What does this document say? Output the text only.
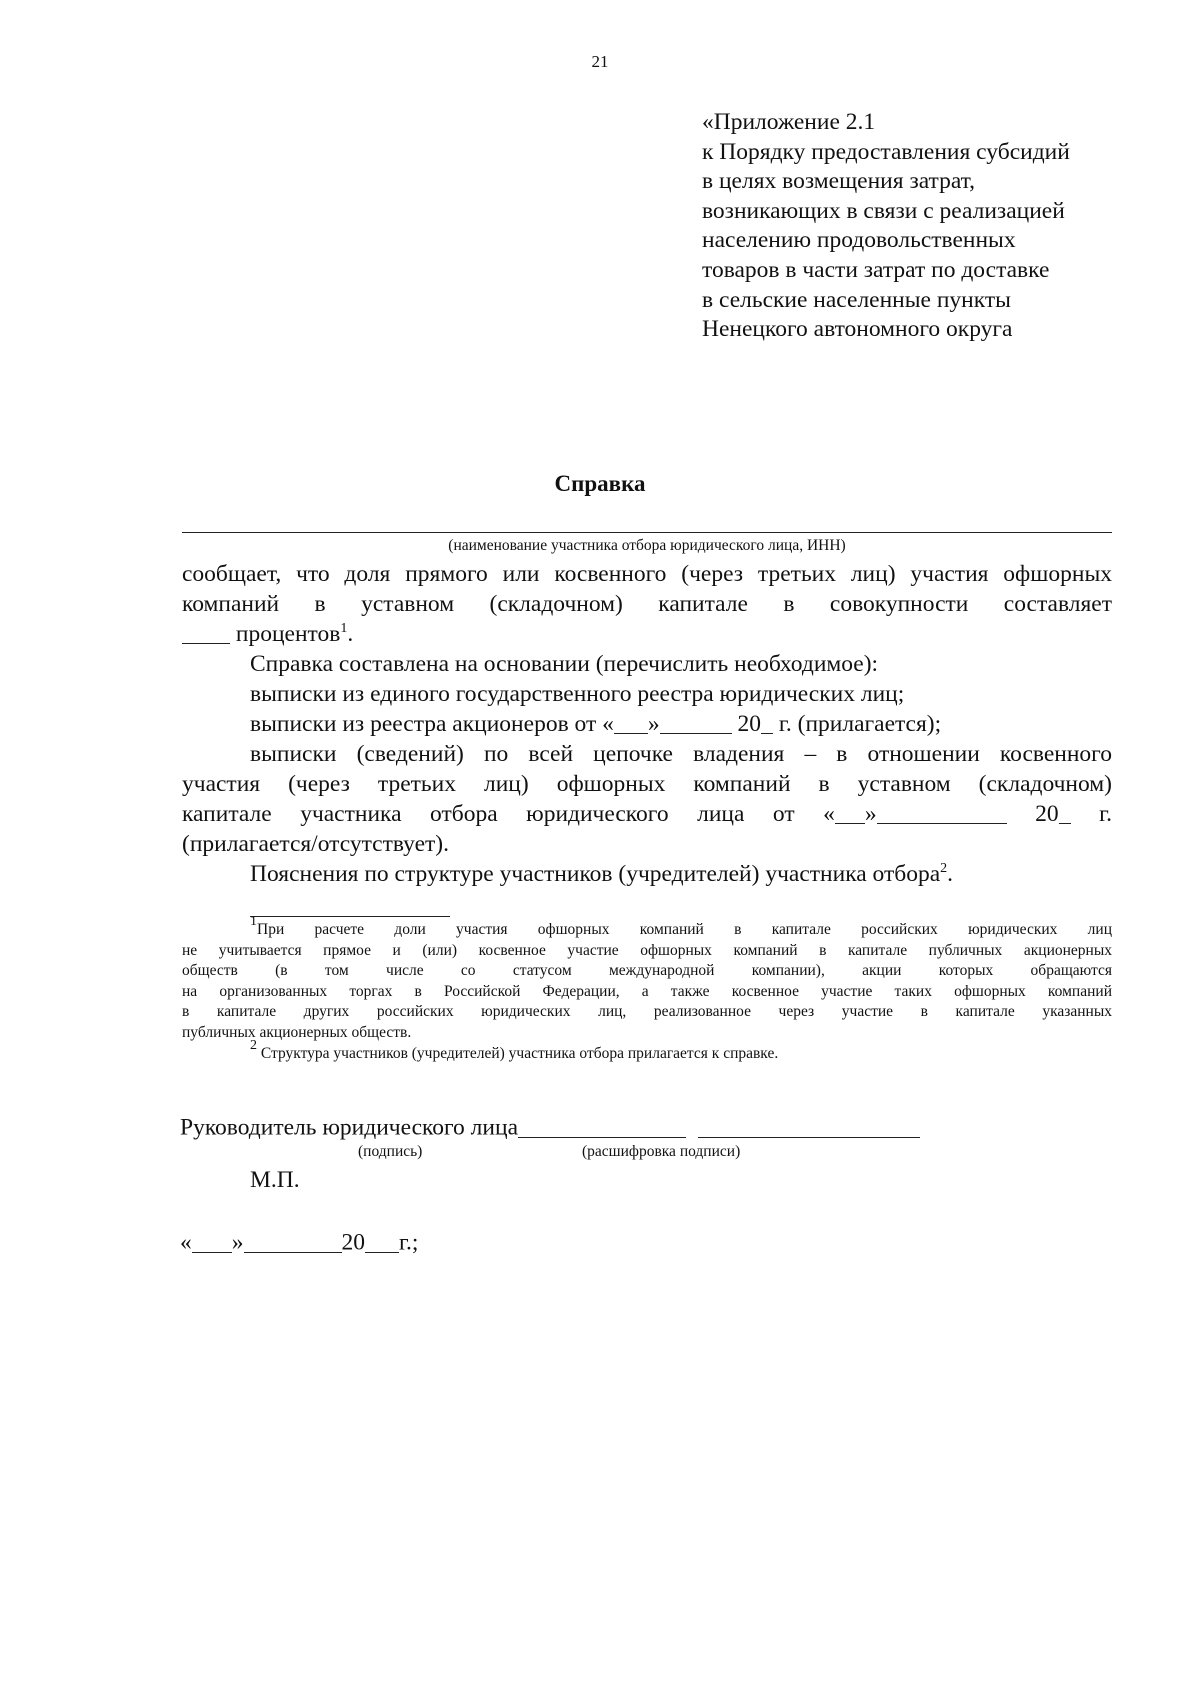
21
«Приложение 2.1
к Порядку предоставления субсидий
в целях возмещения затрат,
возникающих в связи с реализацией
населению продовольственных
товаров в части затрат по доставке
в сельские населенные пункты
Ненецкого автономного округа
Справка
(наименование участника отбора юридического лица, ИНН)
сообщает, что доля прямого или косвенного (через третьих лиц) участия офшорных
компаний в уставном (складочном) капитале в совокупности составляет
процентов$^1$.
Справка составлена на основании (перечислить необходимое):
выписки из единого государственного реестра юридических лиц;
выписки из реестра акционеров от « »	20 г. (прилагается);
выписки (сведений) по всей цепочке владения – в отношении косвенного
участия (через третьих лиц) офшорных компаний в уставном (складочном)
капитале участника отбора юридического лица от « »	20 г.
(прилагается/отсутствует).
Пояснения по структуре участников (учредителей) участника отбора$^2$.
$^1$При расчете доли участия офшорных компаний в капитале российских юридических лиц
не учитывается прямое и (или) косвенное участие офшорных компаний в капитале публичных акционерных
обществ (в том числе со статусом международной компании), акции которых обращаются
на организованных торгах в Российской Федерации, а также косвенное участие таких офшорных компаний
в капитале других российских юридических лиц, реализованное через участие в капитале указанных
публичных акционерных обществ.
$^2$ Структура участников (учредителей) участника отбора прилагается к справке.
Руководитель юридического лица
(подпись)	(расшифровка подписи)
М.П.
« »	20 г.;
